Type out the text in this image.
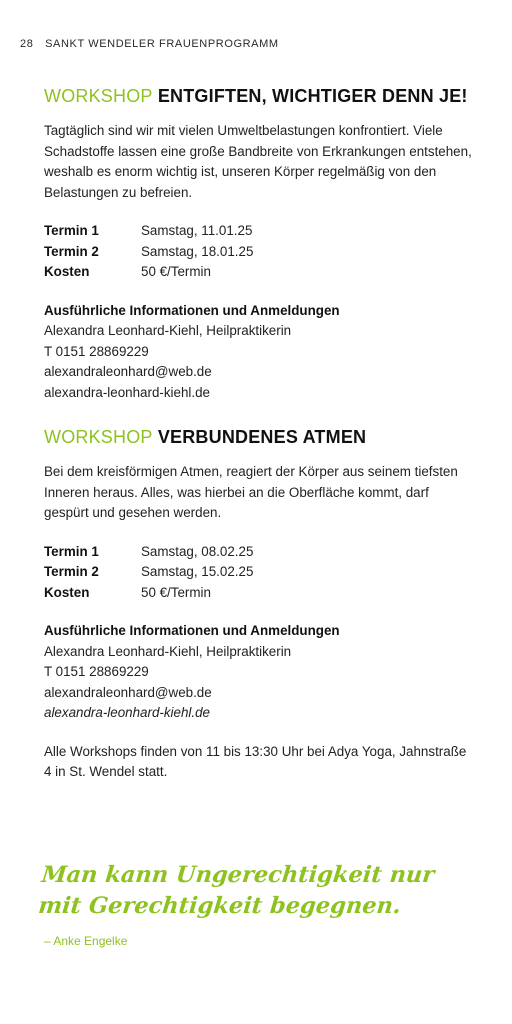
28 SANKT WENDELER FRAUENPROGRAMM
WORKSHOP ENTGIFTEN, WICHTIGER DENN JE!

Tagtäglich sind wir mit vielen Umweltbelastungen konfrontiert. Viele Schadstoffe lassen eine große Bandbreite von Erkrankungen entstehen, weshalb es enorm wichtig ist, unseren Körper regelmäßig von den Belastungen zu befreien.

Termin 1	Samstag, 11.01.25
Termin 2	Samstag, 18.01.25
Kosten	50 €/Termin
Ausführliche Informationen und Anmeldungen
Alexandra Leonhard-Kiehl, Heilpraktikerin
T 0151 28869229
alexandraleonhard@web.de
alexandra-leonhard-kiehl.de
WORKSHOP VERBUNDENES ATMEN

Bei dem kreisförmigen Atmen, reagiert der Körper aus seinem tiefsten Inneren heraus. Alles, was hierbei an die Oberfläche kommt, darf gespürt und gesehen werden.

Termin 1	Samstag, 08.02.25
Termin 2	Samstag, 15.02.25
Kosten	50 €/Termin
Ausführliche Informationen und Anmeldungen
Alexandra Leonhard-Kiehl, Heilpraktikerin
T 0151 28869229
alexandraleonhard@web.de
alexandra-leonhard-kiehl.de

Alle Workshops finden von 11 bis 13:30 Uhr bei Adya Yoga, Jahnstraße 4 in St. Wendel statt.

Man kann Ungerechtigkeit nur mit Gerechtigkeit begegnen.

– Anke Engelke
